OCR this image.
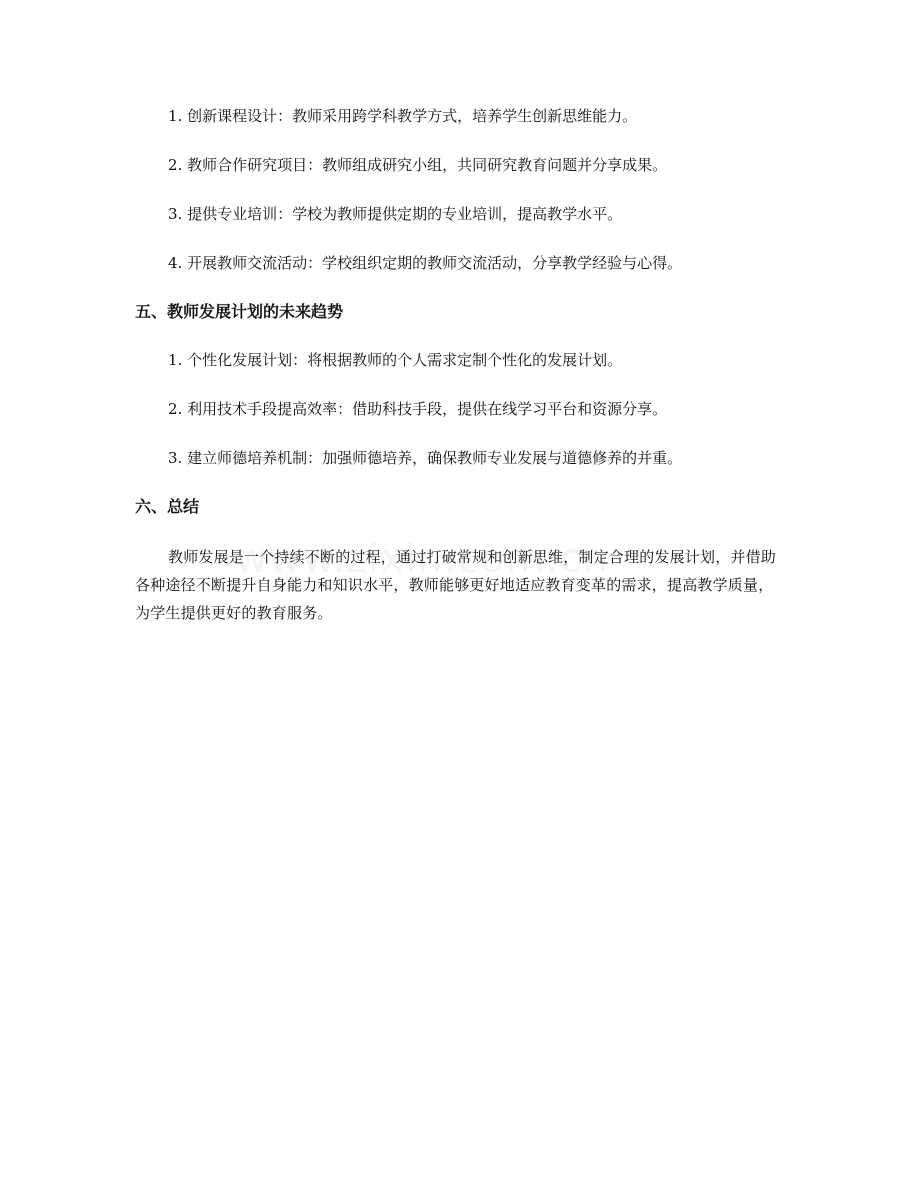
1. 创新课程设计：教师采用跨学科教学方式，培养学生创新思维能力。

2. 教师合作研究项目：教师组成研究小组，共同研究教育问题并分享成果。

3. 提供专业培训：学校为教师提供定期的专业培训，提高教学水平。

4. 开展教师交流活动：学校组织定期的教师交流活动，分享教学经验与心得。

五、教师发展计划的未来趋势

1. 个性化发展计划：将根据教师的个人需求定制个性化的发展计划。

2. 利用技术手段提高效率：借助科技手段，提供在线学习平台和资源分享。

3. 建立师德培养机制：加强师德培养，确保教师专业发展与道德修养的并重。

六、总结

教师发展是一个持续不断的过程，通过打破常规和创新思维，制定合理的发展计划，并借助各种途径不断提升自身能力和知识水平，教师能够更好地适应教育变革的需求，提高教学质量，为学生提供更好的教育服务。
